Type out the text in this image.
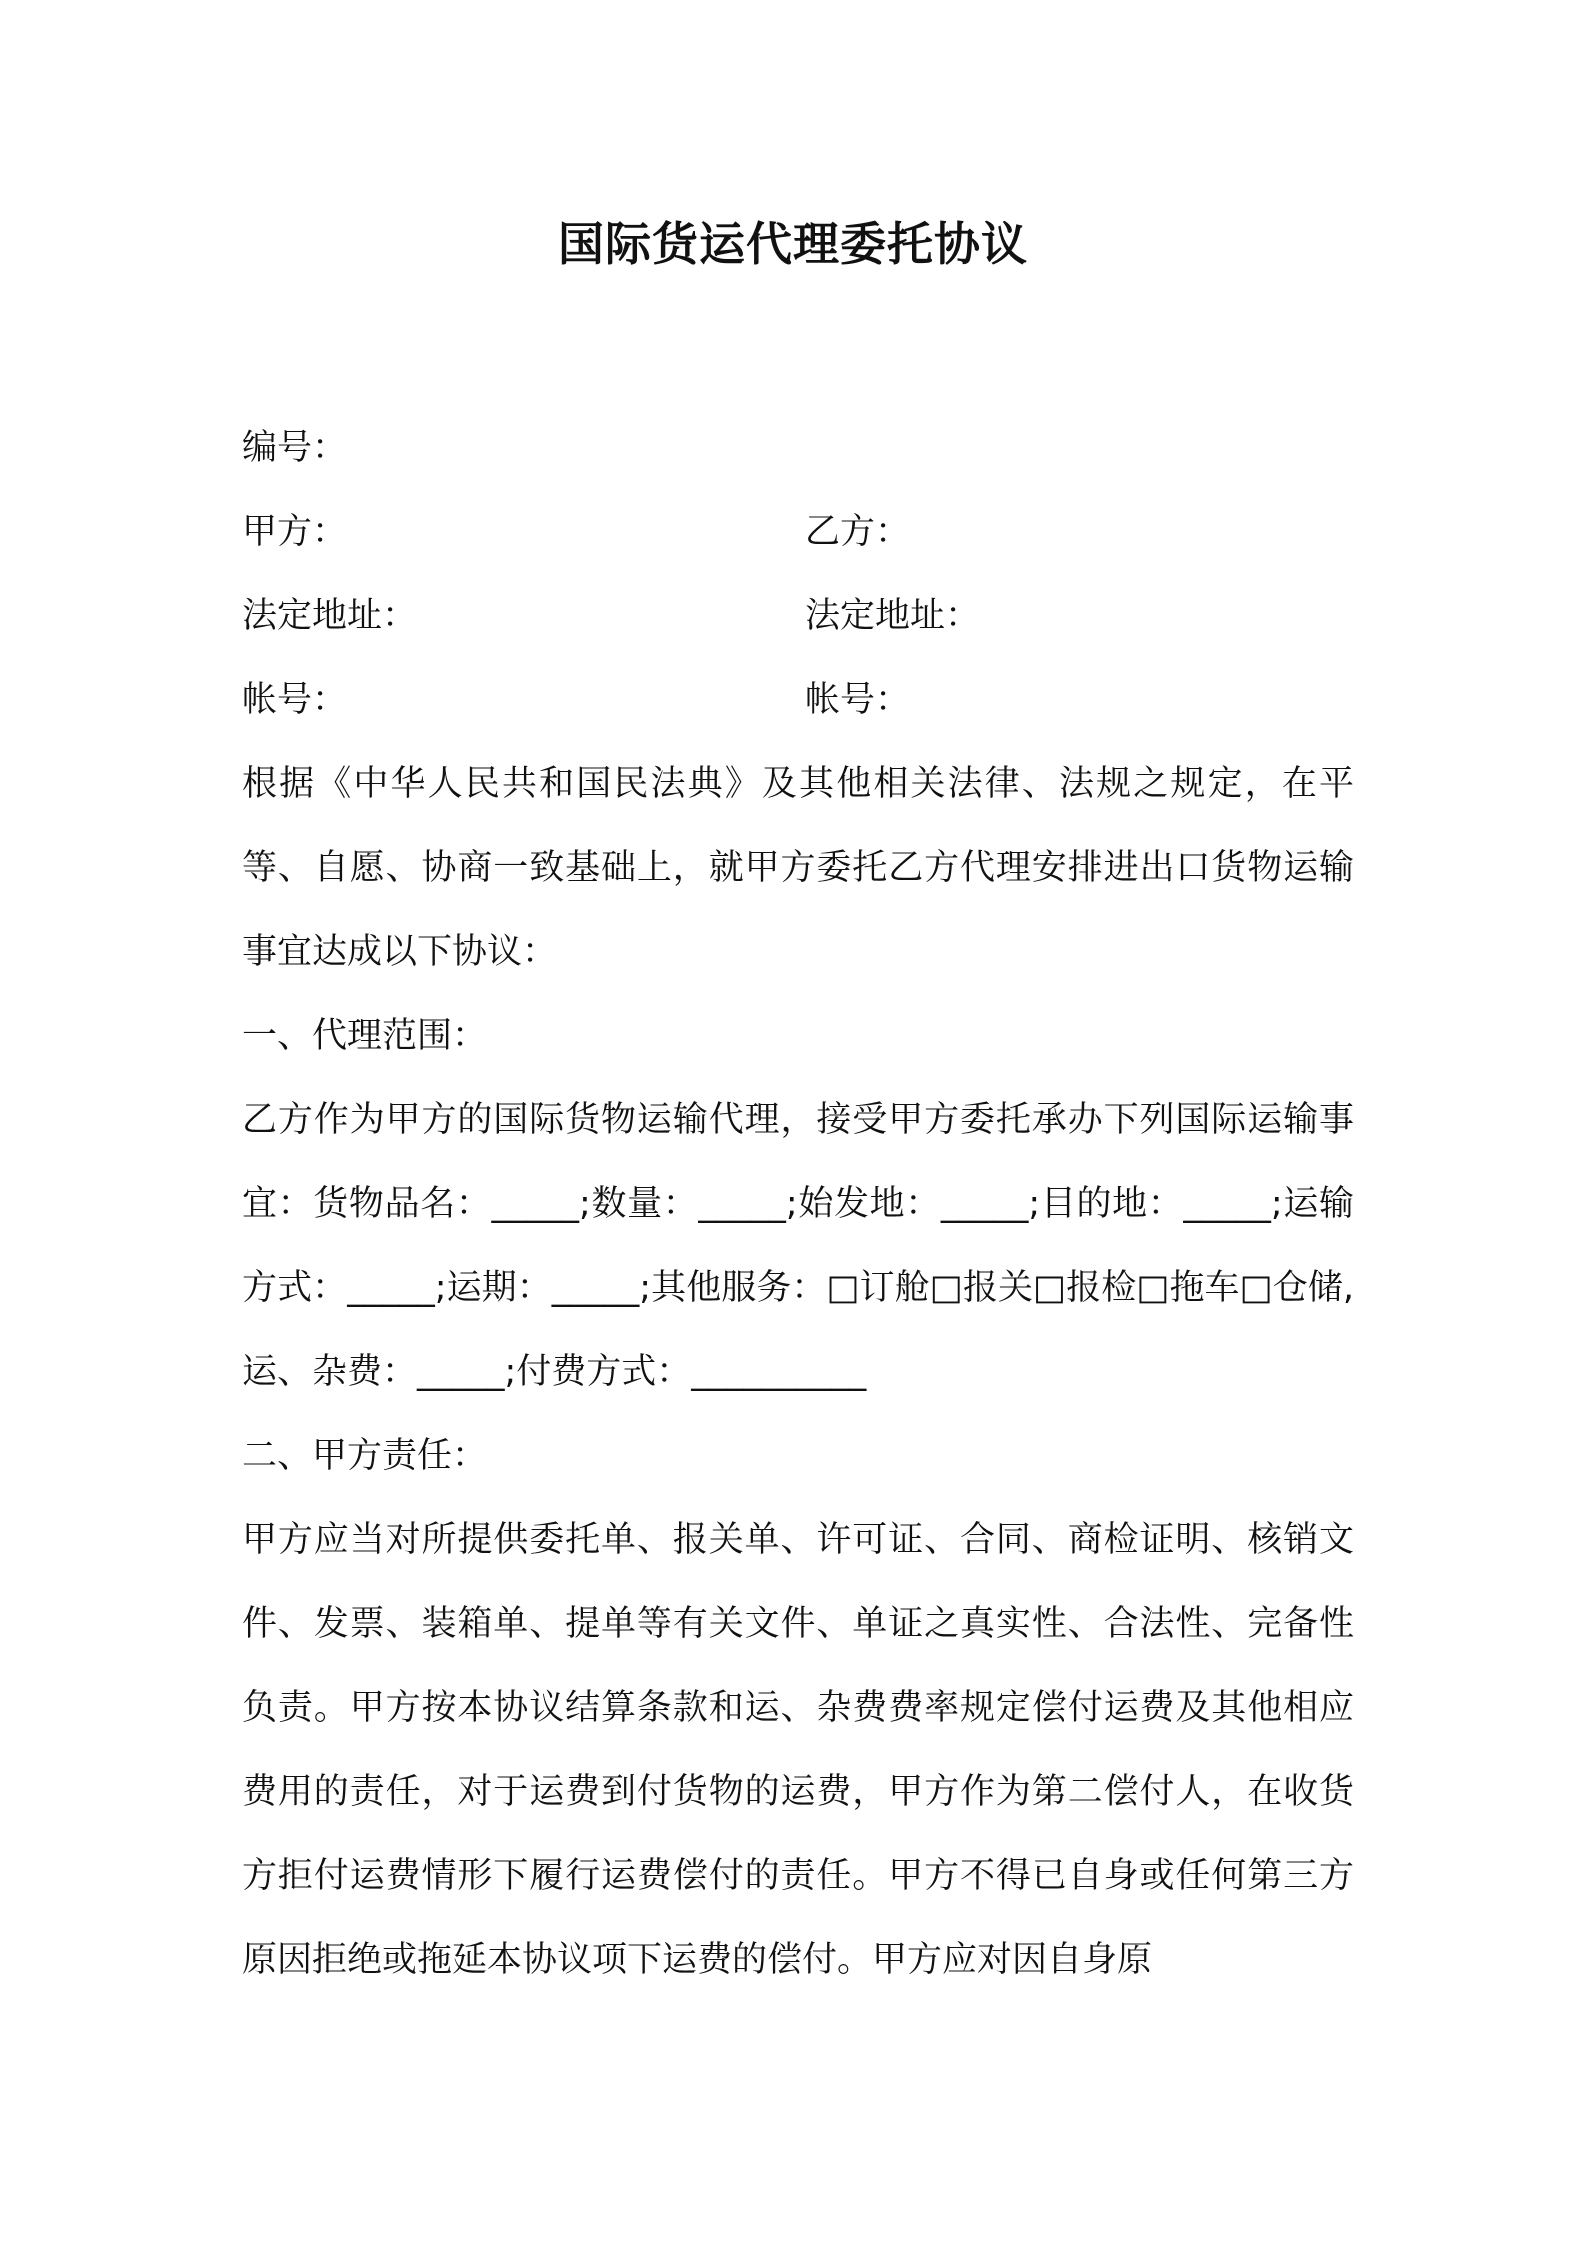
国际货运代理委托协议
编号：
甲方：	乙方：
法定地址：	法定地址：
帐号：	帐号：

根据《中华人民共和国民法典》及其他相关法律、法规之规定，在平等、自愿、协商一致基础上，就甲方委托乙方代理安排进出口货物运输事宜达成以下协议：

一、代理范围：

乙方作为甲方的国际货物运输代理，接受甲方委托承办下列国际运输事宜：货物品名：_____;数量：_____;始发地：_____;目的地：_____;运输方式：_____;运期：_____;其他服务：□订舱□报关□报检□拖车□仓储,运、杂费：_____;付费方式：__________

二、甲方责任：

甲方应当对所提供委托单、报关单、许可证、合同、商检证明、核销文件、发票、装箱单、提单等有关文件、单证之真实性、合法性、完备性负责。甲方按本协议结算条款和运、杂费费率规定偿付运费及其他相应费用的责任，对于运费到付货物的运费，甲方作为第二偿付人，在收货方拒付运费情形下履行运费偿付的责任。甲方不得已自身或任何第三方原因拒绝或拖延本协议项下运费的偿付。甲方应对因自身原
